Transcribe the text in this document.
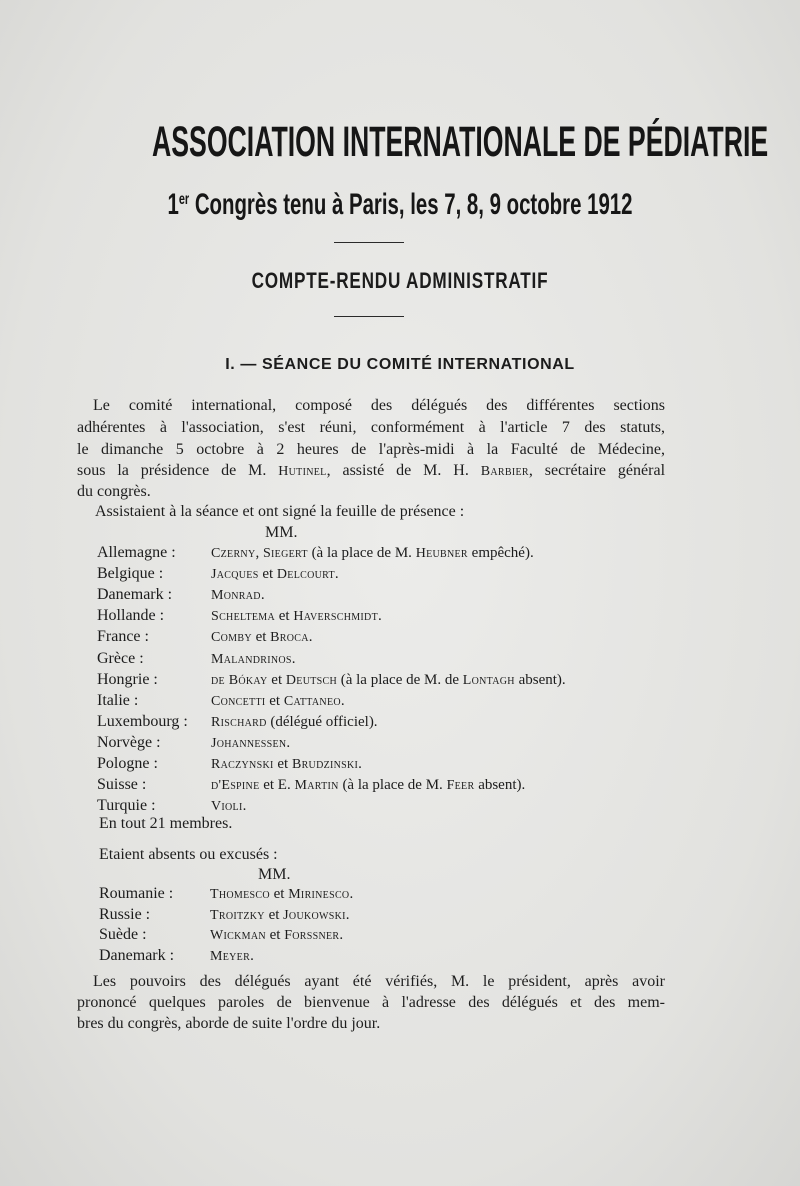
ASSOCIATION INTERNATIONALE DE PÉDIATRIE
1er Congrès tenu à Paris, les 7, 8, 9 octobre 1912
COMPTE-RENDU ADMINISTRATIF
I. — SÉANCE DU COMITÉ INTERNATIONAL
Le comité international, composé des délégués des différentes sections
adhérentes à l'association, s'est réuni, conformément à l'article 7 des statuts,
le dimanche 5 octobre à 2 heures de l'après-midi à la Faculté de Médecine,
sous la présidence de M. Hutinel, assisté de M. H. Barbier, secrétaire général
du congrès.
Assistaient à la séance et ont signé la feuille de présence :
MM.
Allemagne :	Czerny, Siegert (à la place de M. Heubner empêché).
Belgique :	Jacques et Delcourt.
Danemark :	Monrad.
Hollande :	Scheltema et Haverschmidt.
France :	Comby et Broca.
Grèce :	Malandrinos.
Hongrie :	de Bókay et Deutsch (à la place de M. de Lontagh absent).
Italie :	Concetti et Cattaneo.
Luxembourg : Rischard (délégué officiel).
Norvège :	Johannessen.
Pologne :	Raczynski et Brudzinski.
Suisse :	d'Espine et E. Martin (à la place de M. Feer absent).
Turquie :	Violi.
En tout 21 membres.
Etaient absents ou excusés :
MM.
Roumanie :	Thomesco et Mirinesco.
Russie :	Troitzky et Joukowski.
Suède :	Wickman et Forssner.
Danemark :	Meyer.
Les pouvoirs des délégués ayant été vérifiés, M. le président, après avoir
prononcé quelques paroles de bienvenue à l'adresse des délégués et des mem-
bres du congrès, aborde de suite l'ordre du jour.
